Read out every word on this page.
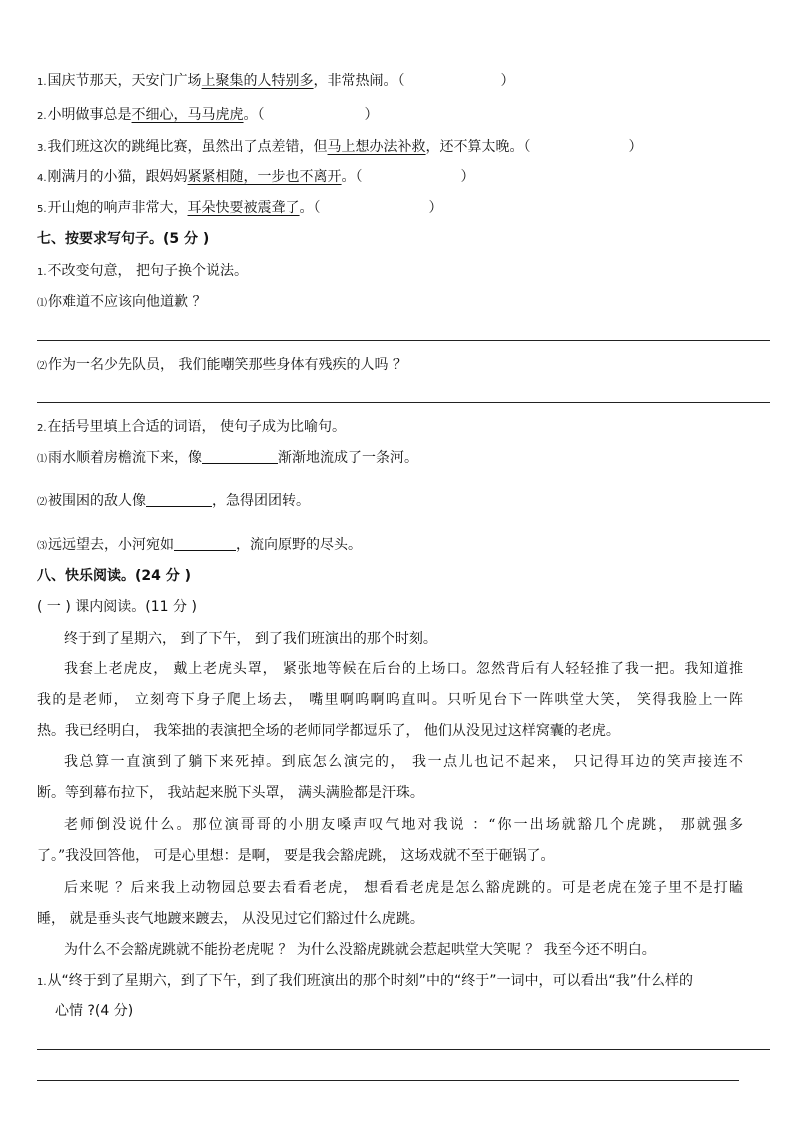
1.国庆节那天，天安门广场上聚集的人特别多，非常热闹。（	）
2.小明做事总是不细心，马马虎虎。（	）
3.我们班这次的跳绳比赛，虽然出了点差错，但马上想办法补救，还不算太晚。（	）
4.刚满月的小猫，跟妈妈紧紧相随，一步也不离开。（	）
5.开山炮的响声非常大，耳朵快要被震聋了。（	）
七、按要求写句子。(5 分 )
1.不改变句意， 把句子换个说法。
⑴你难道不应该向他道歉 ？
⑵作为一名少先队员， 我们能嘲笑那些身体有残疾的人吗 ？
2.在括号里填上合适的词语， 使句子成为比喻句。
⑴雨水顺着房檐流下来，像	渐渐地流成了一条河。
⑵被围困的敌人像	，急得团团转。
⑶远远望去，小河宛如	，流向原野的尽头。
八、快乐阅读。(24 分 )
( 一 ) 课内阅读。(11 分 )
终于到了星期六， 到了下午， 到了我们班演出的那个时刻。
我套上老虎皮， 戴上老虎头罩， 紧张地等候在后台的上场口。忽然背后有人轻轻推了我一把。我知道推
我的是老师， 立刻弯下身子爬上场去， 嘴里啊呜啊呜直叫。只听见台下一阵哄堂大笑， 笑得我脸上一阵
热。我已经明白， 我笨拙的表演把全场的老师同学都逗乐了， 他们从没见过这样窝囊的老虎。
我总算一直演到了躺下来死掉。到底怎么演完的， 我一点儿也记不起来， 只记得耳边的笑声接连不
断。等到幕布拉下， 我站起来脱下头罩， 满头满脸都是汗珠。
老师倒没说什么。那位演哥哥的小朋友嗓声叹气地对我说 ：“你一出场就豁几个虎跳， 那就强多
了。”我没回答他， 可是心里想：是啊， 要是我会豁虎跳， 这场戏就不至于砸锅了。
后来呢 ？后来我上动物园总要去看看老虎， 想看看老虎是怎么豁虎跳的。可是老虎在笼子里不是打瞌
睡， 就是垂头丧气地踱来踱去， 从没见过它们豁过什么虎跳。
为什么不会豁虎跳就不能扮老虎呢 ？ 为什么没豁虎跳就会惹起哄堂大笑呢 ？ 我至今还不明白。
1.从“终于到了星期六，到了下午，到了我们班演出的那个时刻”中的“终于”一词中，可以看出“我”什么样的
心情 ?(4 分)
